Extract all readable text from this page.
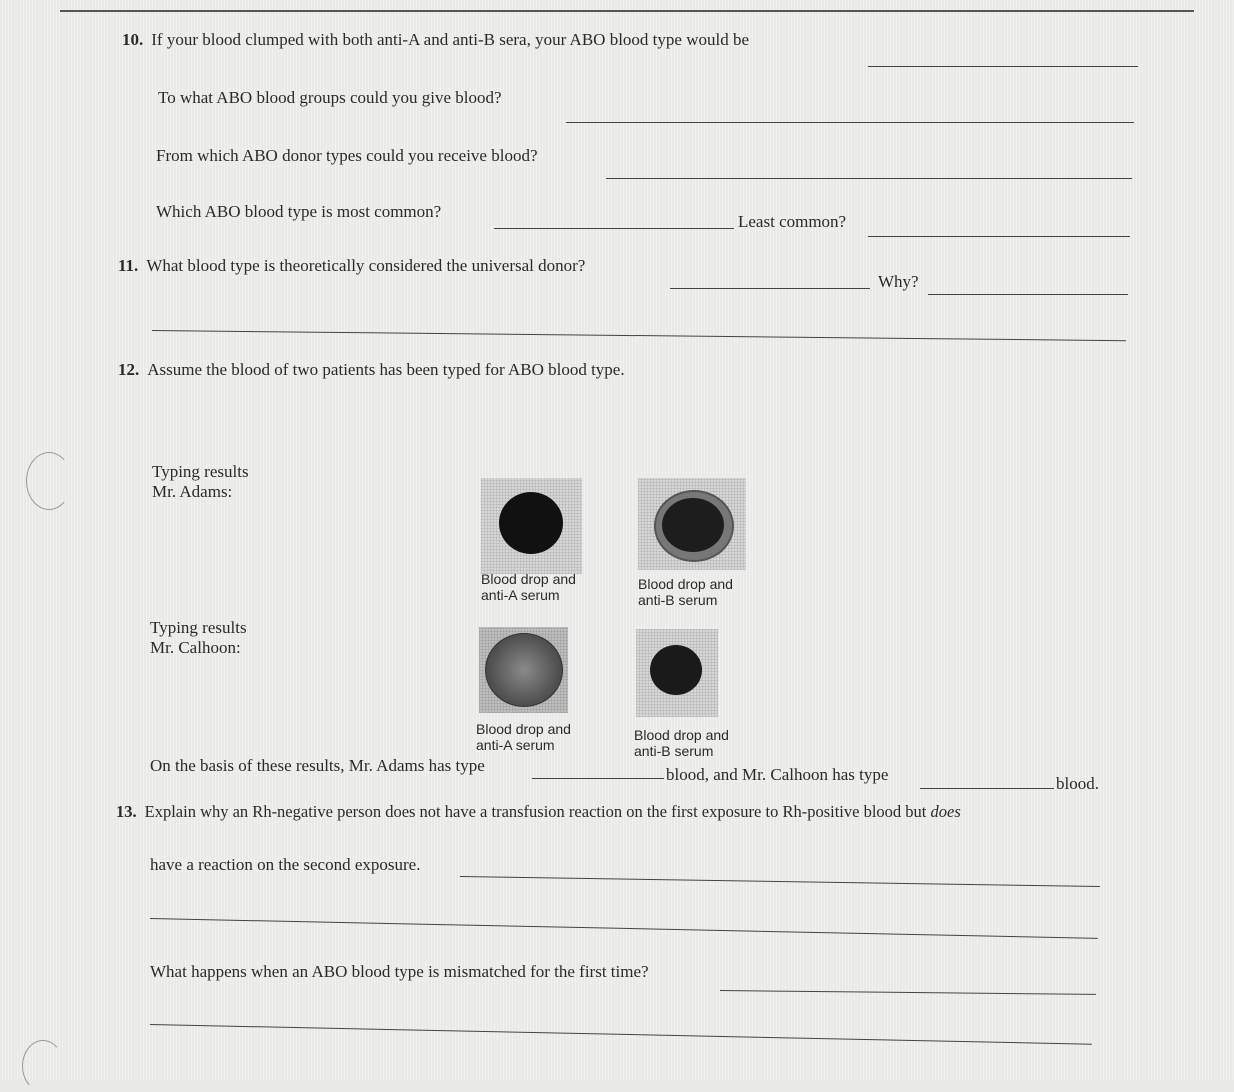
10. If your blood clumped with both anti-A and anti-B sera, your ABO blood type would be
To what ABO blood groups could you give blood?
From which ABO donor types could you receive blood?
Which ABO blood type is most common?
Least common?
11. What blood type is theoretically considered the universal donor?
Why?
12. Assume the blood of two patients has been typed for ABO blood type.
Typing results
Mr. Adams:
Blood drop and
anti-A serum
Blood drop and
anti-B serum
Typing results
Mr. Calhoon:
Blood drop and
anti-A serum
Blood drop and
anti-B serum
On the basis of these results, Mr. Adams has type	blood, and Mr. Calhoon has type	blood.
13. Explain why an Rh-negative person does not have a transfusion reaction on the first exposure to Rh-positive blood but does
have a reaction on the second exposure.
What happens when an ABO blood type is mismatched for the first time?
